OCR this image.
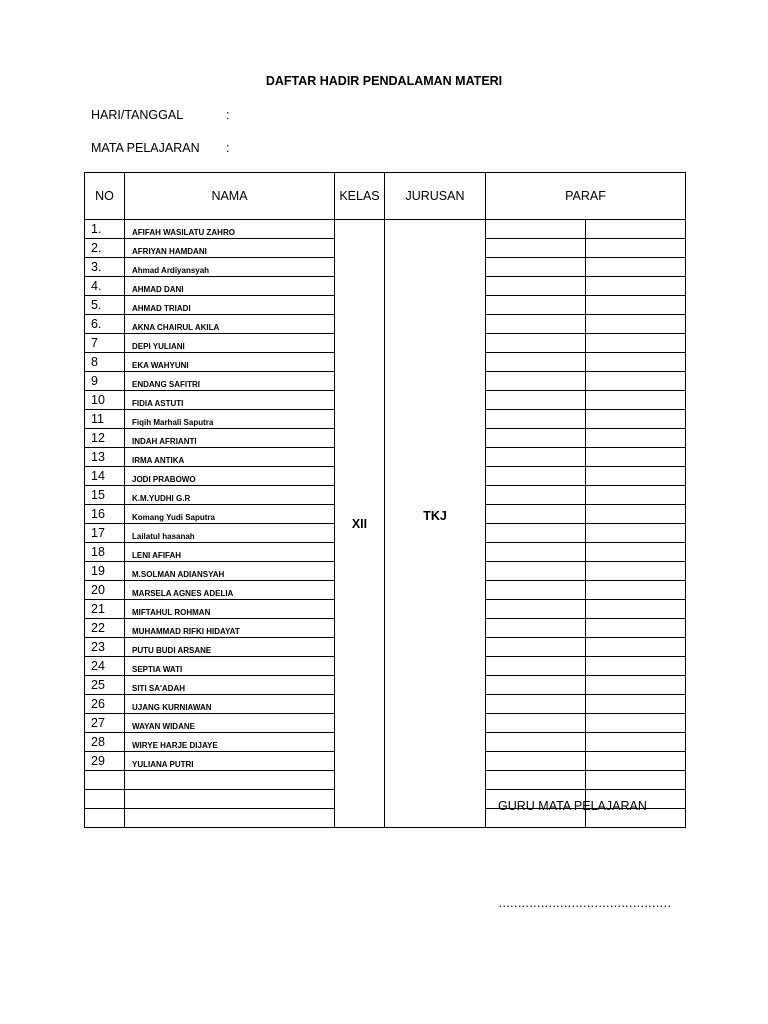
DAFTAR HADIR PENDALAMAN MATERI
HARI/TANGGAL	:
MATA PELAJARAN :
NO	NAMA	KELAS	JURUSAN	PARAF	
1.	AFIFAH WASILATU ZAHRO	XII	TKJ		
2.	AFRIYAN HAMDANI				
3.	Ahmad Ardiyansyah				
4.	AHMAD DANI				
5.	AHMAD TRIADI				
6.	AKNA CHAIRUL AKILA				
7	DEPI YULIANI				
8	EKA WAHYUNI				
9	ENDANG SAFITRI				
10	FIDIA ASTUTI				
11	Fiqih Marhali Saputra				
12	INDAH AFRIANTI				
13	IRMA ANTIKA				
14	JODI PRABOWO				
15	K.M.YUDHI G.R				
16	Komang Yudi Saputra				
17	Lailatul hasanah				
18	LENI AFIFAH				
19	M.SOLMAN ADIANSYAH				
20	MARSELA AGNES ADELIA				
21	MIFTAHUL ROHMAN				
22	MUHAMMAD RIFKI HIDAYAT				
23	PUTU BUDI ARSANE				
24	SEPTIA WATI				
25	SITI SA'ADAH				
26	UJANG KURNIAWAN				
27	WAYAN WIDANE				
28	WIRYE HARJE DIJAYE				
29	YULIANA PUTRI				

GURU MATA PELAJARAN
………………………………………
